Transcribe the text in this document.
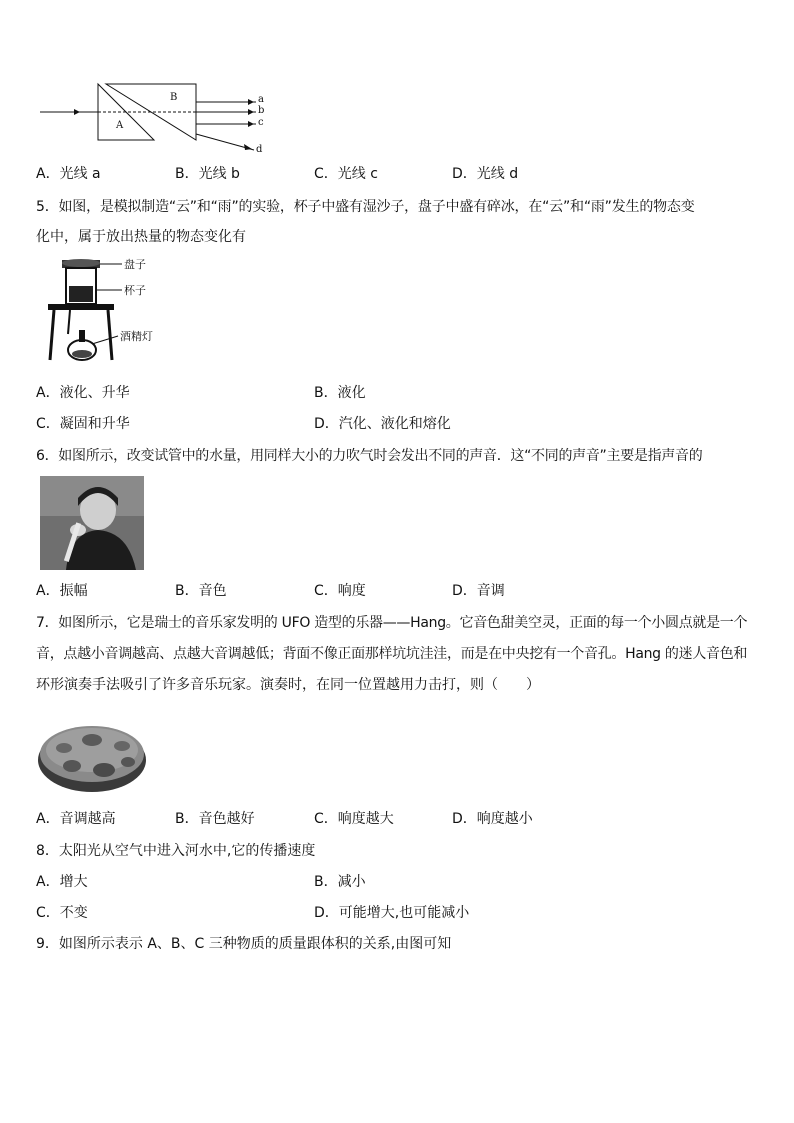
A
B	a
b
c
d
A．光线 a	B．光线 b	C．光线 c	D．光线 d
5．如图，是模拟制造“云”和“雨”的实验，杯子中盛有湿沙子，盘子中盛有碎冰，在“云”和“雨”发生的物态变
化中，属于放出热量的物态变化有
盘子
杯子
酒精灯
A．液化、升华	B．液化
C．凝固和升华	D．汽化、液化和熔化
6．如图所示，改变试管中的水量，用同样大小的力吹气时会发出不同的声音．这“不同的声音”主要是指声音的
A．振幅	B．音色	C．响度	D．音调
7．如图所示，它是瑞士的音乐家发明的 UFO 造型的乐器——Hang。它音色甜美空灵，正面的每一个小圆点就是一个
音，点越小音调越高、点越大音调越低；背面不像正面那样坑坑洼洼，而是在中央挖有一个音孔。Hang 的迷人音色和
环形演奏手法吸引了许多音乐玩家。演奏时，在同一位置越用力击打，则（　　）
A．音调越高	B．音色越好	C．响度越大	D．响度越小
8．太阳光从空气中进入河水中,它的传播速度
A．增大	B．减小
C．不变	D．可能增大,也可能减小
9．如图所示表示 A、B、C 三种物质的质量跟体积的关系,由图可知
